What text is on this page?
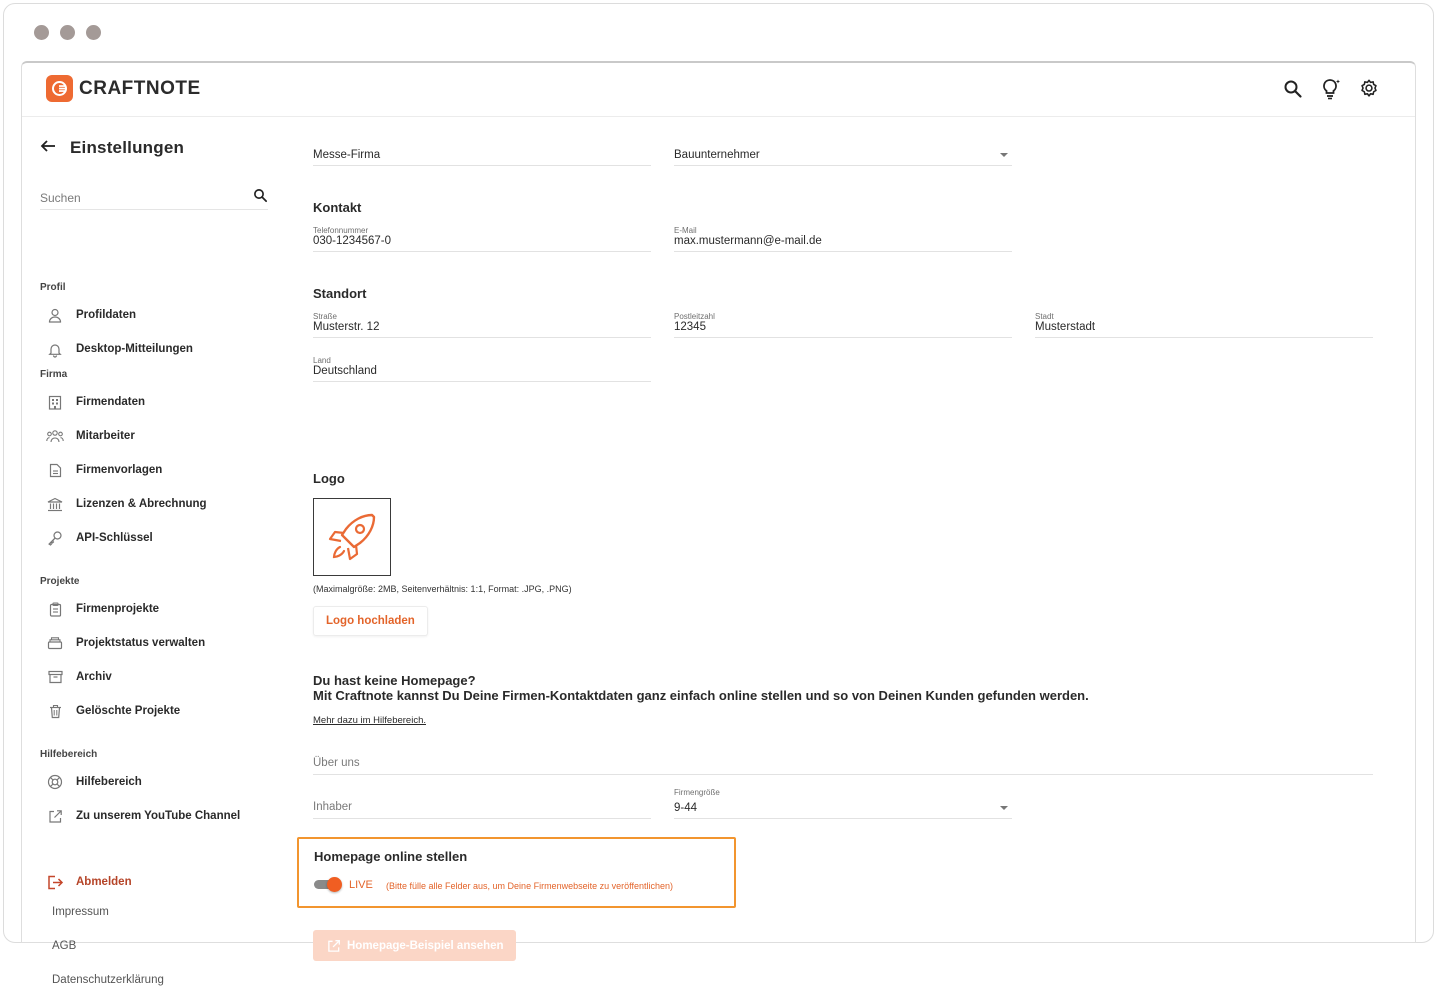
CRAFTNOTE
Einstellungen
Suchen
Profil
Profildaten
Desktop-Mitteilungen
Firma
Firmendaten
Mitarbeiter
Firmenvorlagen
Lizenzen & Abrechnung
API-Schlüssel
Projekte
Firmenprojekte
Projektstatus verwalten
Archiv
Gelöschte Projekte
Hilfebereich
Hilfebereich
Zu unserem YouTube Channel
Abmelden
Impressum
AGB
Datenschutzerklärung
Messe-Firma	Bauunternehmer
Kontakt
Telefonnummer
030-1234567-0
E-Mail
max.mustermann@e-mail.de
Standort
Straße
Musterstr. 12
Postleitzahl
12345
Stadt
Musterstadt
Land
Deutschland
Logo
(Maximalgröße: 2MB, Seitenverhältnis: 1:1, Format: .JPG, .PNG)
Logo hochladen
Du hast keine Homepage?
Mit Craftnote kannst Du Deine Firmen-Kontaktdaten ganz einfach online stellen und so von Deinen Kunden gefunden werden.
Mehr dazu im Hilfebereich.
Über uns
Inhaber
Firmengröße
9-44
Homepage online stellen
LIVE (Bitte fülle alle Felder aus, um Deine Firmenwebseite zu veröffentlichen)
Homepage-Beispiel ansehen
